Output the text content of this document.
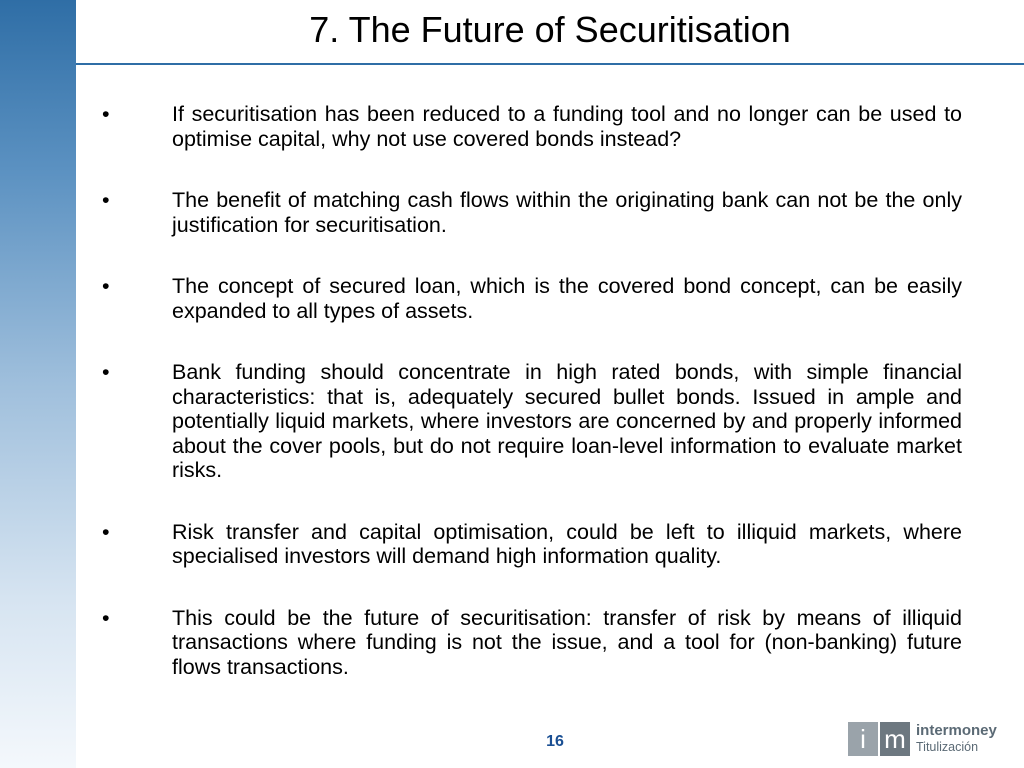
7. The Future of Securitisation
•	If securitisation has been reduced to a funding tool and no longer can be used to optimise capital, why not use covered bonds instead?
•	The benefit of matching cash flows within the originating bank can not be the only justification for securitisation.
•	The concept of secured loan, which is the covered bond concept, can be easily expanded to all types of assets.
•	Bank funding should concentrate in high rated bonds, with simple financial characteristics: that is, adequately secured bullet bonds. Issued in ample and potentially liquid markets, where investors are concerned by and properly informed about the cover pools, but do not require loan-level information to evaluate market risks.
•	Risk transfer and capital optimisation, could be left to illiquid markets, where specialised investors will demand high information quality.
•	This could be the future of securitisation: transfer of risk by means of illiquid transactions where funding is not the issue, and a tool for (non-banking) future flows transactions.
16	i m intermoney
Titulización
